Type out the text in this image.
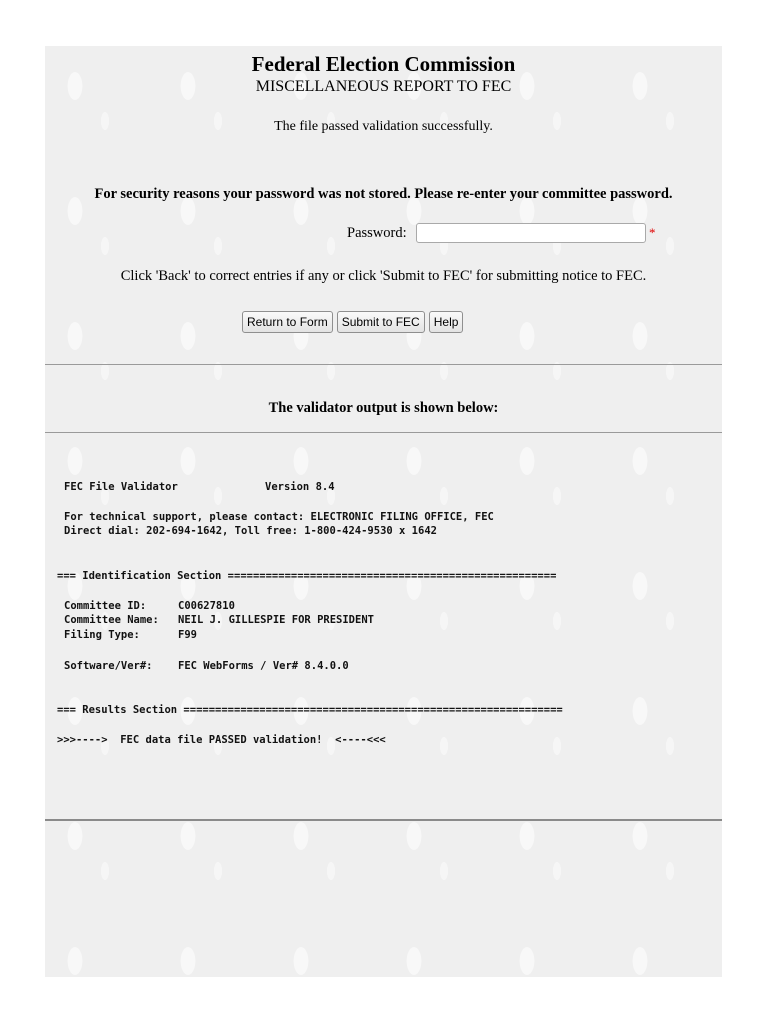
Federal Election Commission
MISCELLANEOUS REPORT TO FEC
The file passed validation successfully.
For security reasons your password was not stored. Please re-enter your committee password.
Password:	*
Click 'Back' to correct entries if any or click 'Submit to FEC' for submitting notice to FEC.
Return to Form	Submit to FEC	Help
The validator output is shown below:
FEC File Validator	Version 8.4
For technical support, please contact: ELECTRONIC FILING OFFICE, FEC
Direct dial: 202-694-1642, Toll free: 1-800-424-9530 x 1642
=== Identification Section ====================================================
Committee ID:	C00627810
Committee Name: NEIL J. GILLESPIE FOR PRESIDENT
Filing Type:	F99
Software/Ver#: FEC WebForms / Ver# 8.4.0.0
=== Results Section ============================================================
>>>---->  FEC data file PASSED validation!  <----<<<
